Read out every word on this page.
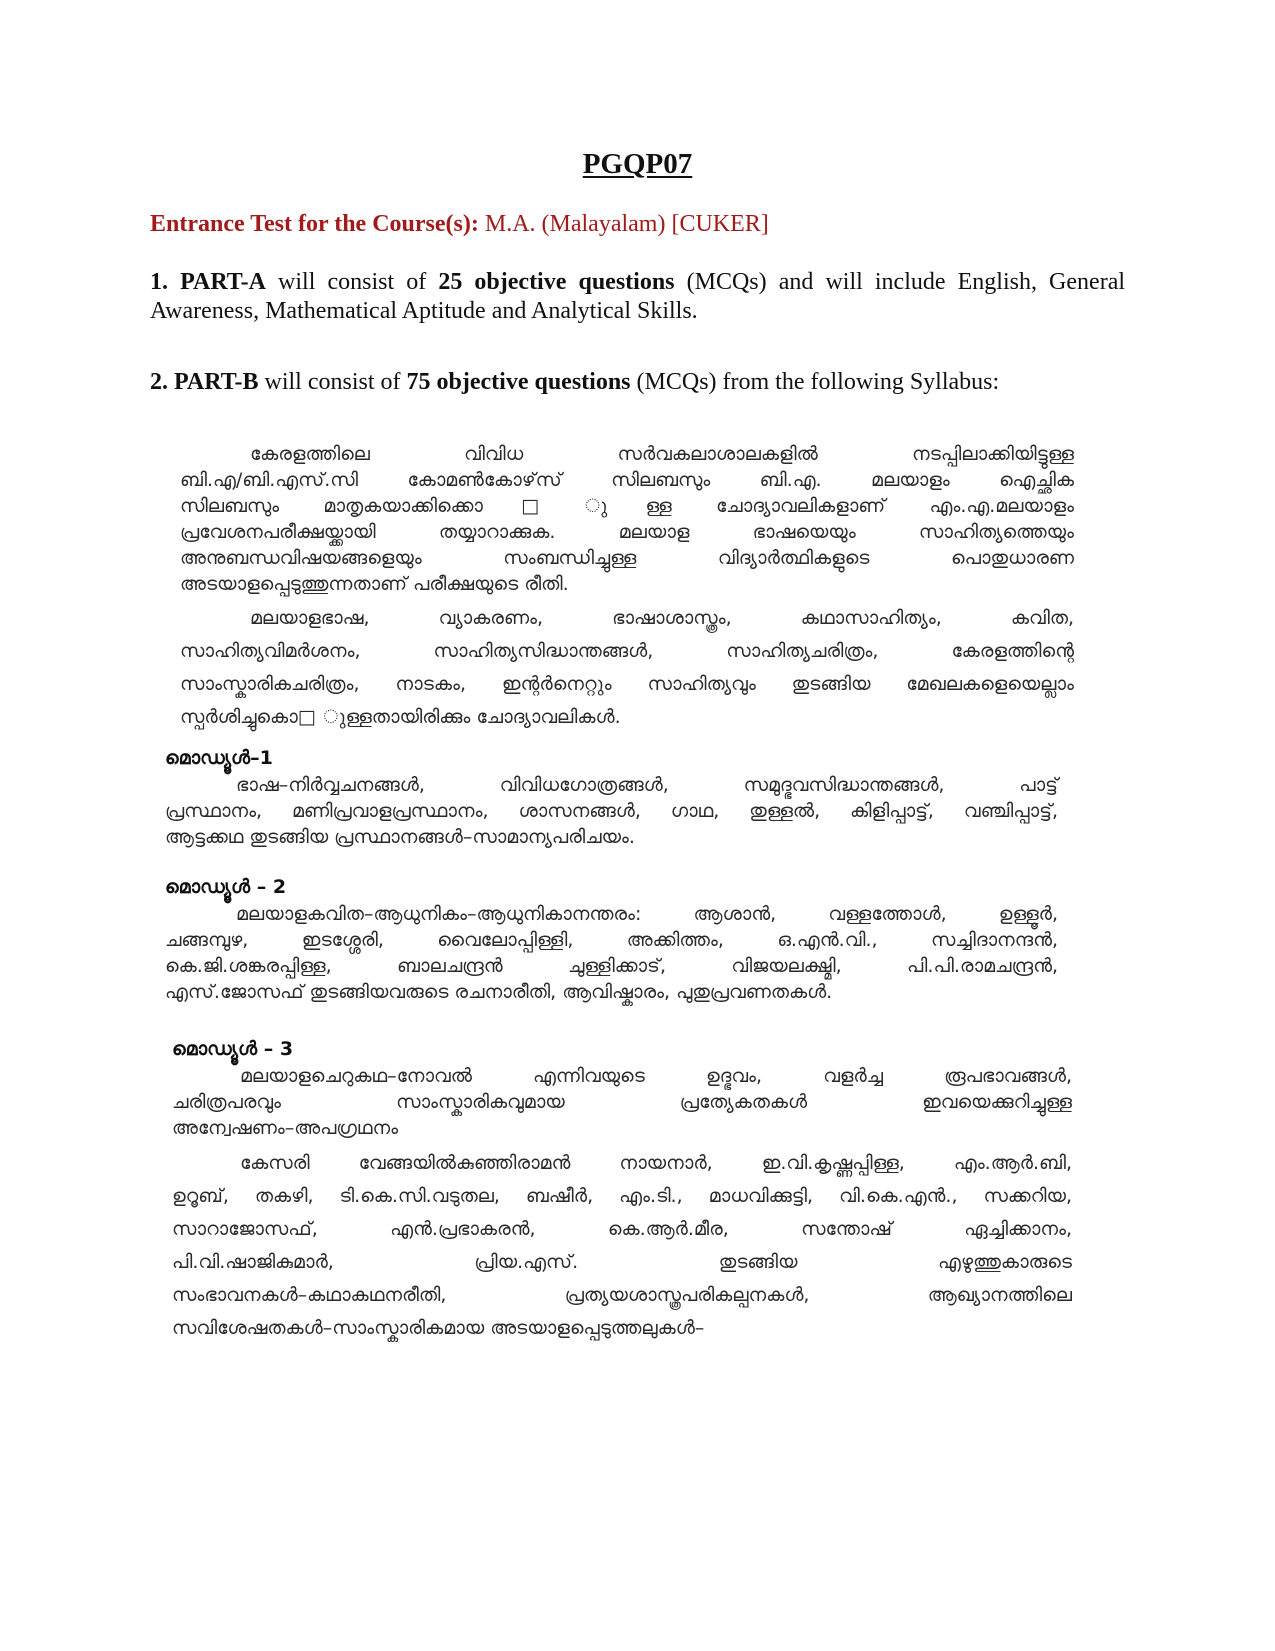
PGQP07
Entrance Test for the Course(s): M.A. (Malayalam) [CUKER]
1. PART-A will consist of 25 objective questions (MCQs) and will include English, General Awareness, Mathematical Aptitude and Analytical Skills.
2. PART-B will consist of 75 objective questions (MCQs) from the following Syllabus:
കേരളത്തിലെ വിവിധ സർവകലാശാലകളിൽ നടപ്പിലാക്കിയിട്ടുള്ള
ബി.എ/ബി.എസ്.സി കോമൺകോഴ്‌സ് സിലബസും ബി.എ. മലയാളം ഐച്ഛിക
സിലബസും മാതൃകയാക്കിക്കൊ□ ുള്ള ചോദ്യാവലികളാണ് എം.എ.മലയാളം
പ്രവേശനപരീക്ഷയ്ക്കായി തയ്യാറാക്കുക. മലയാള ഭാഷയെയും സാഹിത്യത്തെയും
അനുബന്ധവിഷയങ്ങളെയും സംബന്ധിച്ചുള്ള വിദ്യാർത്ഥികളുടെ പൊതുധാരണ
അടയാളപ്പെടുത്തുന്നതാണ് പരീക്ഷയുടെ രീതി.
മലയാളഭാഷ, വ്യാകരണം, ഭാഷാശാസ്ത്രം, കഥാസാഹിത്യം, കവിത,
സാഹിത്യവിമർശനം, സാഹിത്യസിദ്ധാന്തങ്ങൾ, സാഹിത്യചരിത്രം, കേരളത്തിന്റെ
സാംസ്കാരികചരിത്രം, നാടകം, ഇന്റർനെറ്റും സാഹിത്യവും തുടങ്ങിയ മേഖലകളെയെല്ലാം
സ്പർശിച്ചുകൊ□ ുള്ളതായിരിക്കും ചോദ്യാവലികൾ.
മൊഡ്യൂൾ–1
ഭാഷ–നിർവ്വചനങ്ങൾ, വിവിധഗോത്രങ്ങൾ, സമുദ്ഭവസിദ്ധാന്തങ്ങൾ, പാട്ട്
പ്രസ്ഥാനം, മണിപ്രവാളപ്രസ്ഥാനം, ശാസനങ്ങൾ, ഗാഥ, തുള്ളൽ, കിളിപ്പാട്ട്, വഞ്ചിപ്പാട്ട്,
ആട്ടക്കഥ തുടങ്ങിയ പ്രസ്ഥാനങ്ങൾ–സാമാന്യപരിചയം.
മൊഡ്യൂൾ – 2
മലയാളകവിത–ആധുനികം–ആധുനികാനന്തരം: ആശാൻ, വള്ളത്തോൾ, ഉള്ളൂർ,
ചങ്ങമ്പുഴ, ഇടശ്ശേരി, വൈലോപ്പിള്ളി, അക്കിത്തം, ഒ.എൻ.വി., സച്ചിദാനന്ദൻ,
കെ.ജി.ശങ്കരപ്പിള്ള, ബാലചന്ദ്രൻ ചുള്ളിക്കാട്, വിജയലക്ഷ്മി, പി.പി.രാമചന്ദ്രൻ,
എസ്.ജോസഫ് തുടങ്ങിയവരുടെ രചനാരീതി, ആവിഷ്കാരം, പുതുപ്രവണതകൾ.
മൊഡ്യൂൾ – 3
മലയാളചെറുകഥ–നോവൽ എന്നിവയുടെ ഉദ്ഭവം, വളർച്ച രൂപഭാവങ്ങൾ,
ചരിത്രപരവും സാംസ്കാരികവുമായ പ്രത്യേകതകൾ ഇവയെക്കുറിച്ചുള്ള
അന്വേഷണം–അപഗ്രഥനം
കേസരി വേങ്ങയിൽകുഞ്ഞിരാമൻ നായനാർ, ഇ.വി.കൃഷ്ണപ്പിള്ള, എം.ആർ.ബി,
ഉറൂബ്, തകഴി, ടി.കെ.സി.വടുതല, ബഷീർ, എം.ടി., മാധവിക്കുട്ടി, വി.കെ.എൻ., സക്കറിയ,
സാറാജോസഫ്, എൻ.പ്രഭാകരൻ, കെ.ആർ.മീര, സന്തോഷ് ഏച്ചിക്കാനം,
പി.വി.ഷാജികുമാർ, പ്രിയ.എസ്. തുടങ്ങിയ എഴുത്തുകാരുടെ
സംഭാവനകൾ–കഥാകഥനരീതി, പ്രത്യയശാസ്ത്രപരികല്പനകൾ, ആഖ്യാനത്തിലെ
സവിശേഷതകൾ–സാംസ്കാരികമായ അടയാളപ്പെടുത്തലുകൾ–
